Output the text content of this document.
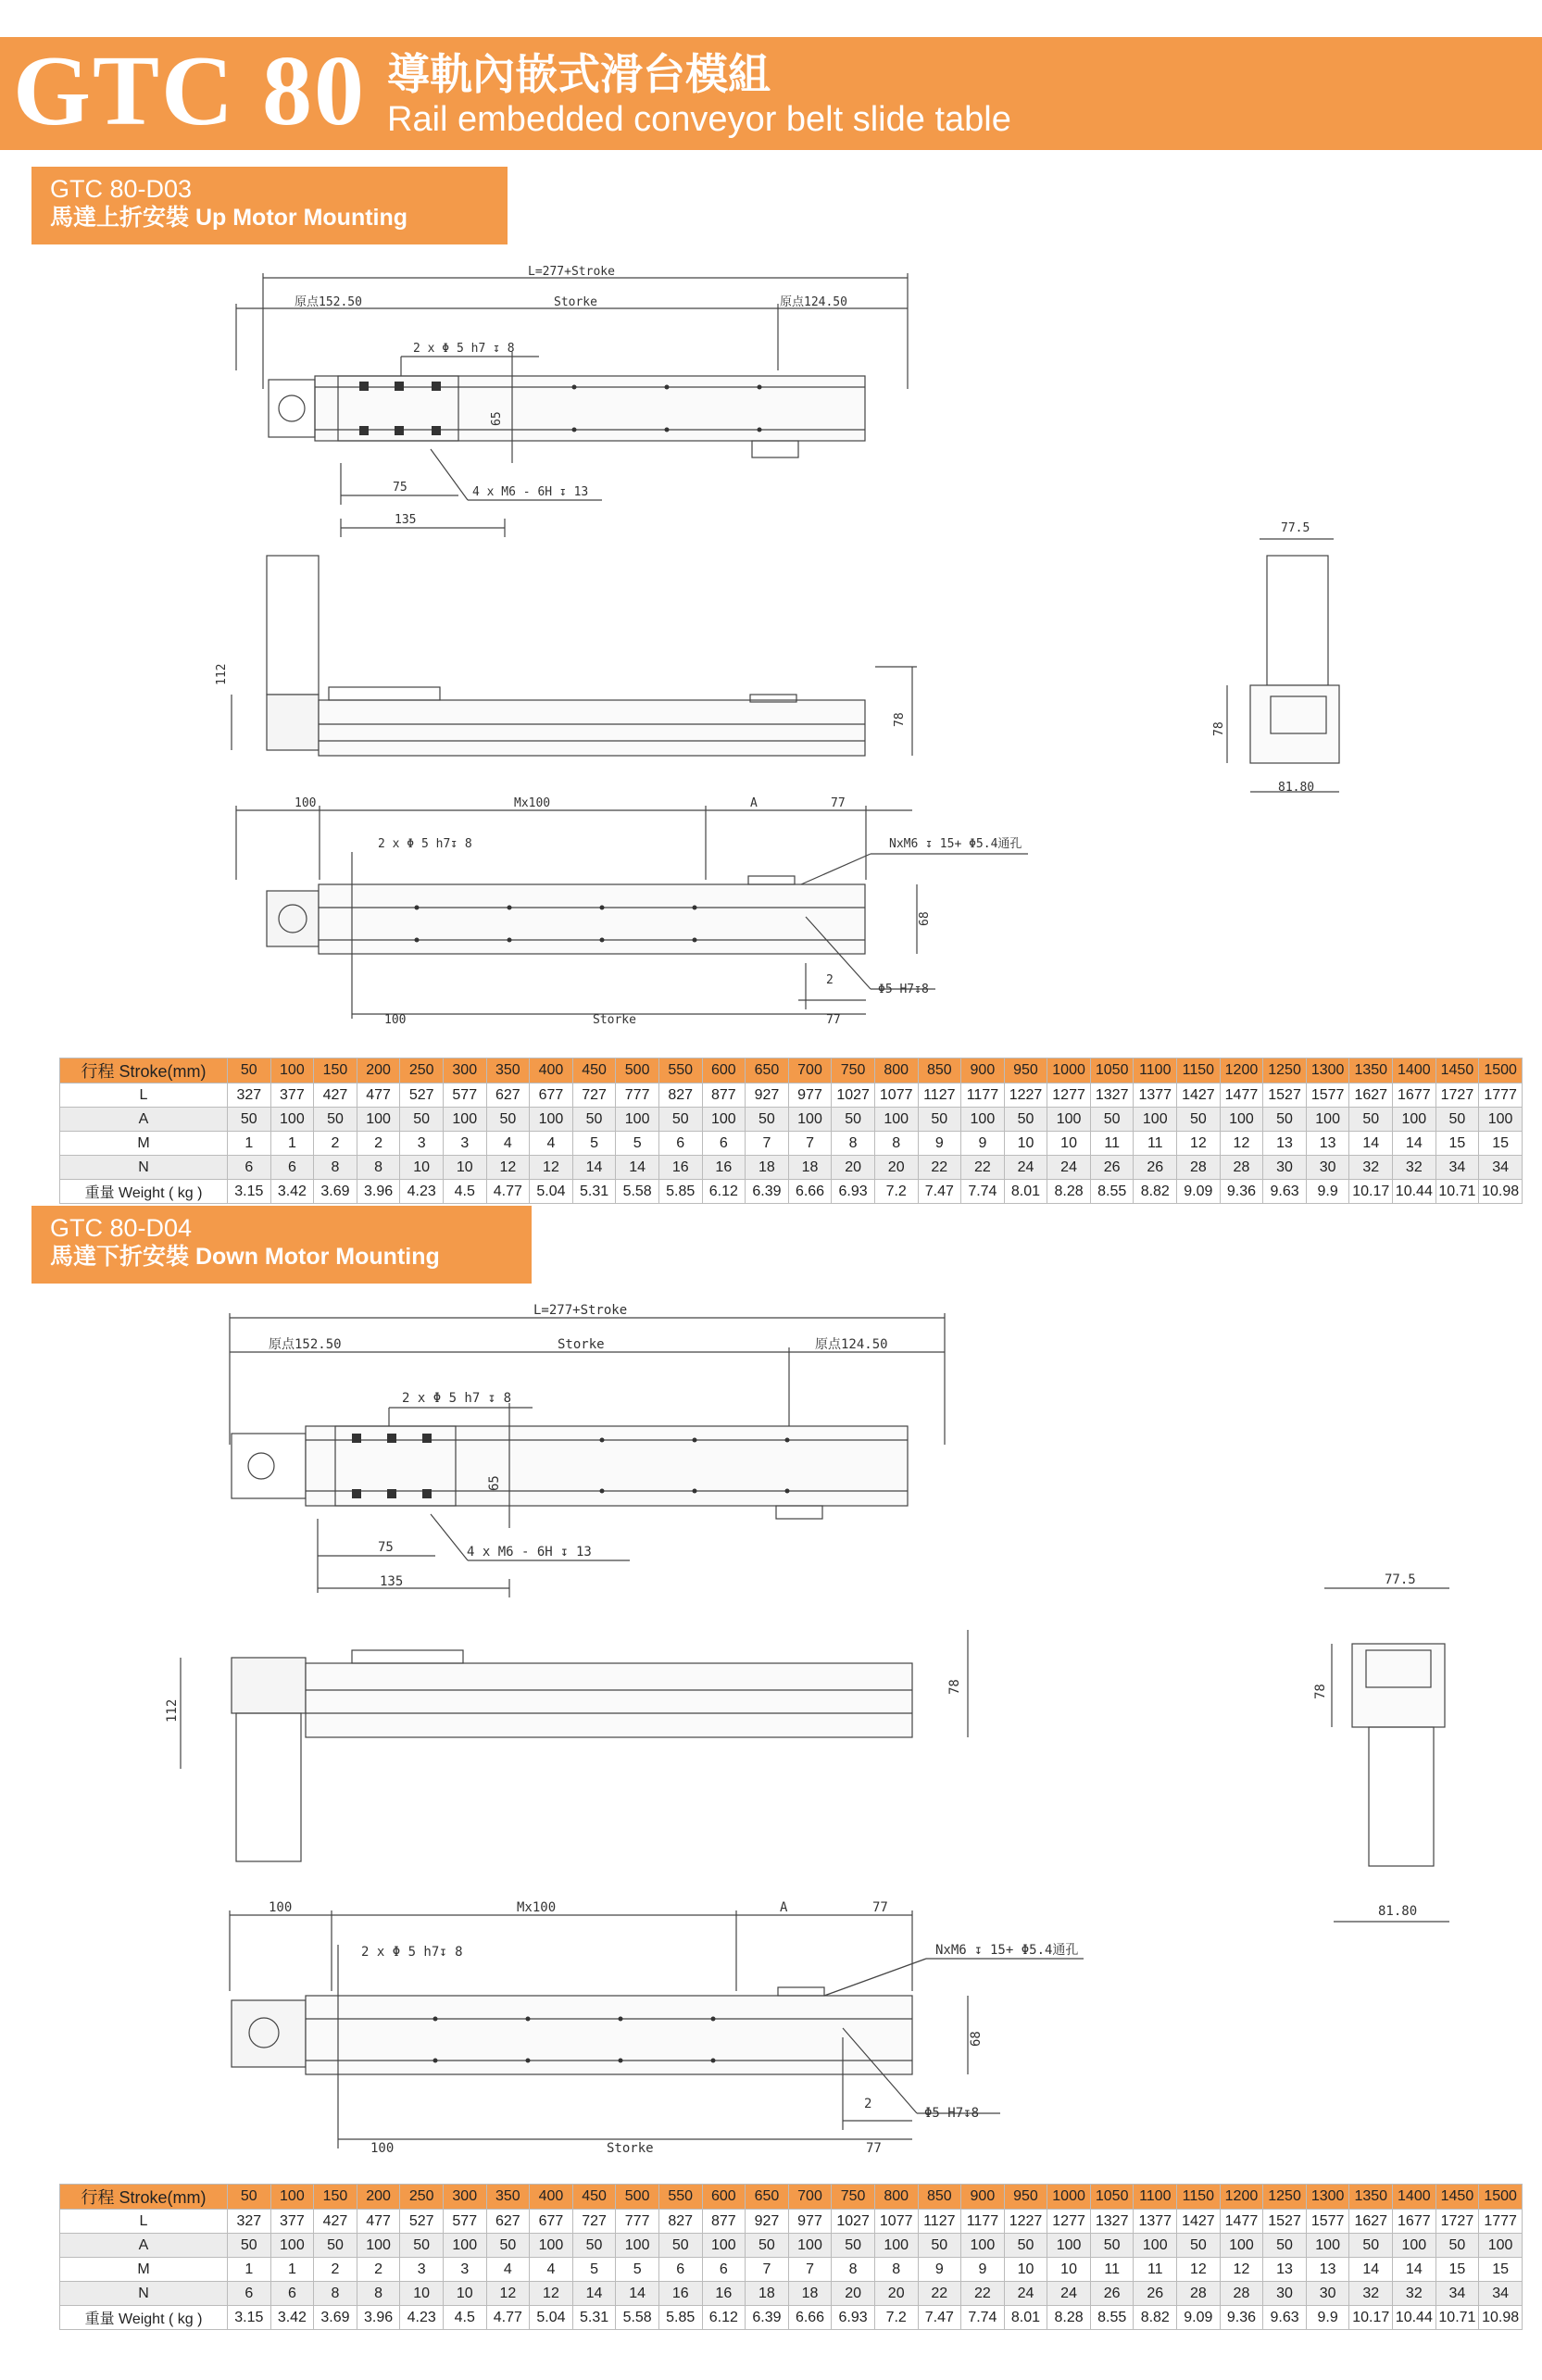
GTC 80 導軌內嵌式滑台模組
Rail embedded conveyor belt slide table
GTC 80-D03
馬達上折安裝 Up Motor Mounting
GTC 80-D04
馬達下折安裝 Down Motor Mounting
L=277+Stroke
原点152.50	Storke	原点124.50
2 x Φ 5 h7 ↧ 8
65
75
135
4 x M6 - 6H ↧ 13
112
78
77.5
81.80
78
100	Mx100	A	77
2 x Φ 5 h7↧ 8	NxM6 ↧ 15+ Φ5.4通孔
68
2
Φ5 H7↧8
100	Storke	77
L=277+Stroke
原点152.50	Storke	原点124.50
2 x Φ 5 h7 ↧ 8
65
75
135
4 x M6 - 6H ↧ 13
112
78
77.5
81.80
78
100	Mx100	A	77
2 x Φ 5 h7↧ 8	NxM6 ↧ 15+ Φ5.4通孔
68
2
Φ5 H7↧8
100	Storke	77
行程 Stroke(mm)	50	100	150	200	250	300	350	400	450	500	550	600	650	700	750	800	850	900	950	1000	1050	1100	1150	1200	1250	1300	1350	1400	1450	1500
L	327	377	427	477	527	577	627	677	727	777	827	877	927	977	1027	1077	1127	1177	1227	1277	1327	1377	1427	1477	1527	1577	1627	1677	1727	1777
A	50	100	50	100	50	100	50	100	50	100	50	100	50	100	50	100	50	100	50	100	50	100	50	100	50	100	50	100	50	100
M	1	1	2	2	3	3	4	4	5	5	6	6	7	7	8	8	9	9	10	10	11	11	12	12	13	13	14	14	15	15
N	6	6	8	8	10	10	12	12	14	14	16	16	18	18	20	20	22	22	24	24	26	26	28	28	30	30	32	32	34	34
重量 Weight ( kg )	3.15	3.42	3.69	3.96	4.23	4.5	4.77	5.04	5.31	5.58	5.85	6.12	6.39	6.66	6.93	7.2	7.47	7.74	8.01	8.28	8.55	8.82	9.09	9.36	9.63	9.9	10.17	10.44	10.71	10.98
行程 Stroke(mm)	50	100	150	200	250	300	350	400	450	500	550	600	650	700	750	800	850	900	950	1000	1050	1100	1150	1200	1250	1300	1350	1400	1450	1500
L	327	377	427	477	527	577	627	677	727	777	827	877	927	977	1027	1077	1127	1177	1227	1277	1327	1377	1427	1477	1527	1577	1627	1677	1727	1777
A	50	100	50	100	50	100	50	100	50	100	50	100	50	100	50	100	50	100	50	100	50	100	50	100	50	100	50	100	50	100
M	1	1	2	2	3	3	4	4	5	5	6	6	7	7	8	8	9	9	10	10	11	11	12	12	13	13	14	14	15	15
N	6	6	8	8	10	10	12	12	14	14	16	16	18	18	20	20	22	22	24	24	26	26	28	28	30	30	32	32	34	34
重量 Weight ( kg )	3.15	3.42	3.69	3.96	4.23	4.5	4.77	5.04	5.31	5.58	5.85	6.12	6.39	6.66	6.93	7.2	7.47	7.74	8.01	8.28	8.55	8.82	9.09	9.36	9.63	9.9	10.17	10.44	10.71	10.98
